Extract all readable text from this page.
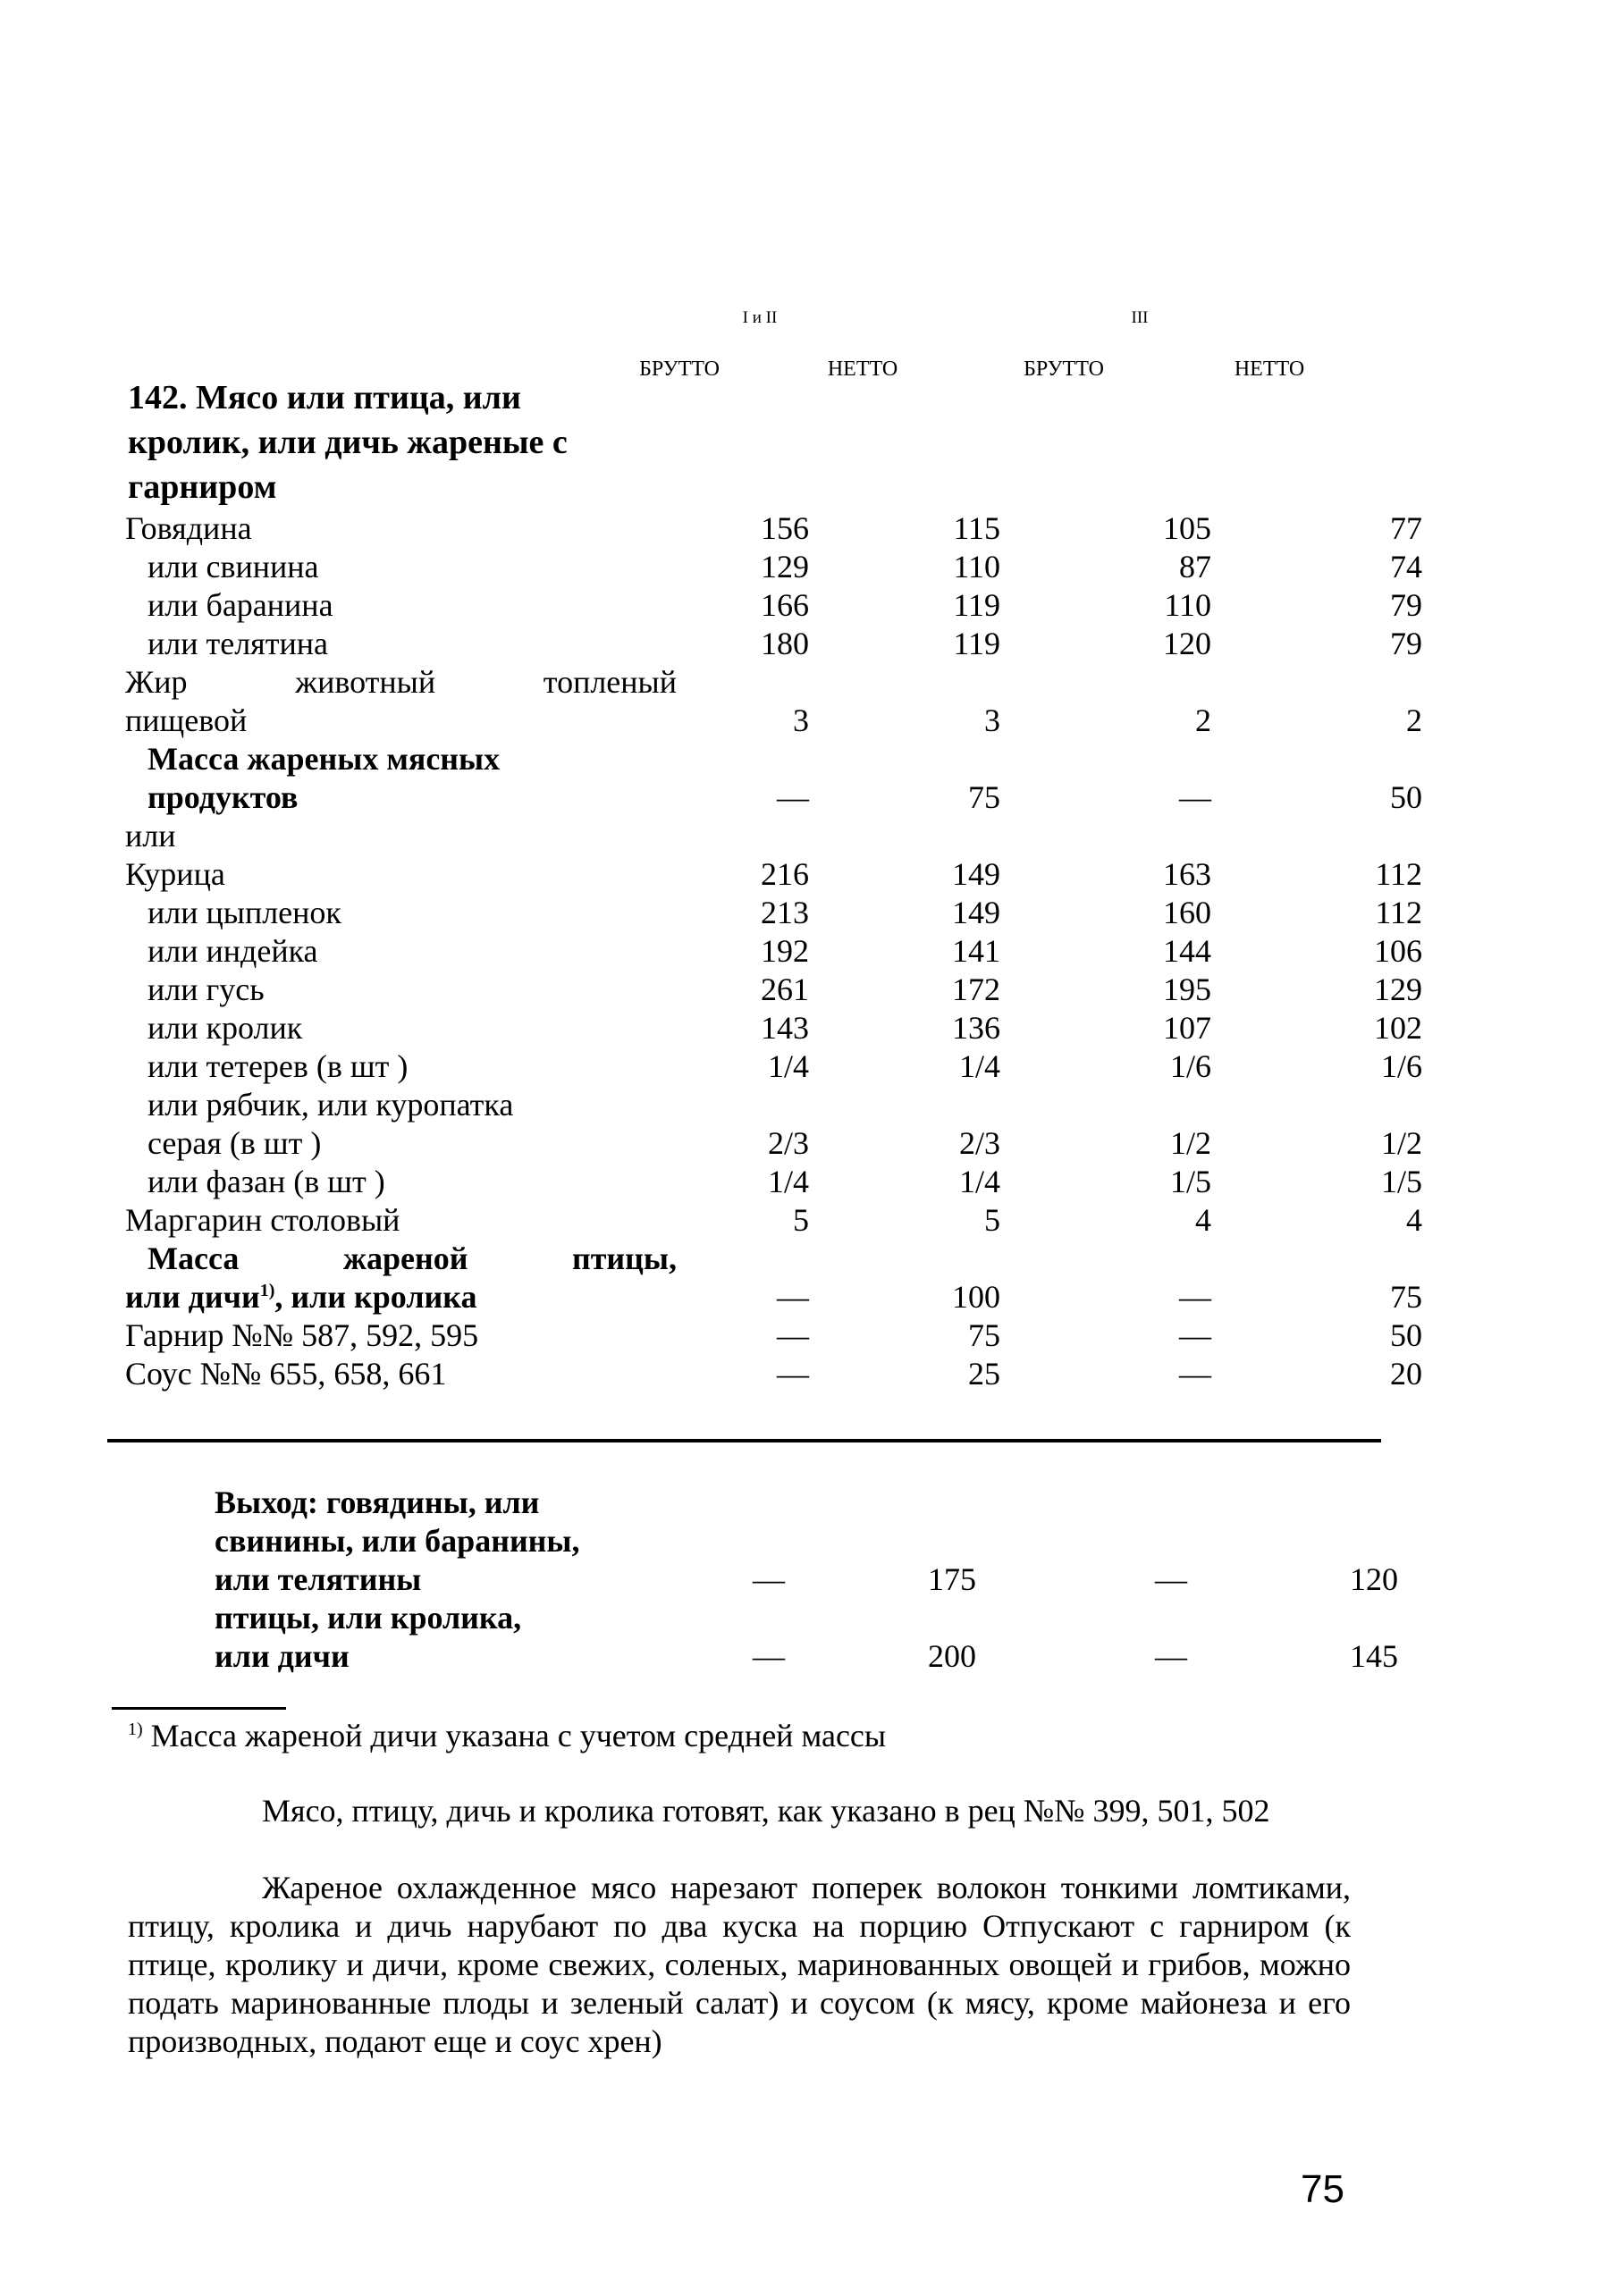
I и II	III
БРУТТО	НЕТТО	БРУТТО	НЕТТО
142. Мясо или птица, или кролик, или дичь жареные с гарниром
Говядина	156	115	105	77
или свинина	129	110	87	74
или баранина	166	119	110	79
или телятина	180	119	120	79
Жир животный топленый				
пищевой	3	3	2	2
Масса жареных мясных				
продуктов	—	75	—	50
или				
Курица	216	149	163	112
или цыпленок	213	149	160	112
или индейка	192	141	144	106
или гусь	261	172	195	129
или кролик	143	136	107	102
или тетерев (в шт )	1/4	1/4	1/6	1/6
или рябчик, или куропатка				
серая (в шт )	2/3	2/3	1/2	1/2
или фазан (в шт )	1/4	1/4	1/5	1/5
Маргарин столовый	5	5	4	4
Масса жареной птицы,				
или дичи$^{1)}$, или кролика	—	100	—	75
Гарнир №№ 587, 592, 595	—	75	—	50
Соус №№ 655, 658, 661	—	25	—	20
Выход: говядины, или				
свинины, или баранины,				
или телятины	—	175	—	120
птицы, или кролика,				
или дичи	—	200	—	145
$^{1)}$ Масса жареной дичи указана с учетом средней массы
Мясо, птицу, дичь и кролика готовят, как указано в рец №№ 399, 501, 502
Жареное охлажденное мясо нарезают поперек волокон тонкими ломтиками, птицу, кролика и дичь нарубают по два куска на порцию Отпускают с гарниром (к птице, кролику и дичи, кроме свежих, соленых, маринованных овощей и грибов, можно подать маринованные плоды и зеленый салат) и соусом (к мясу, кроме майонеза и его производных, подают еще и соус хрен)
75
